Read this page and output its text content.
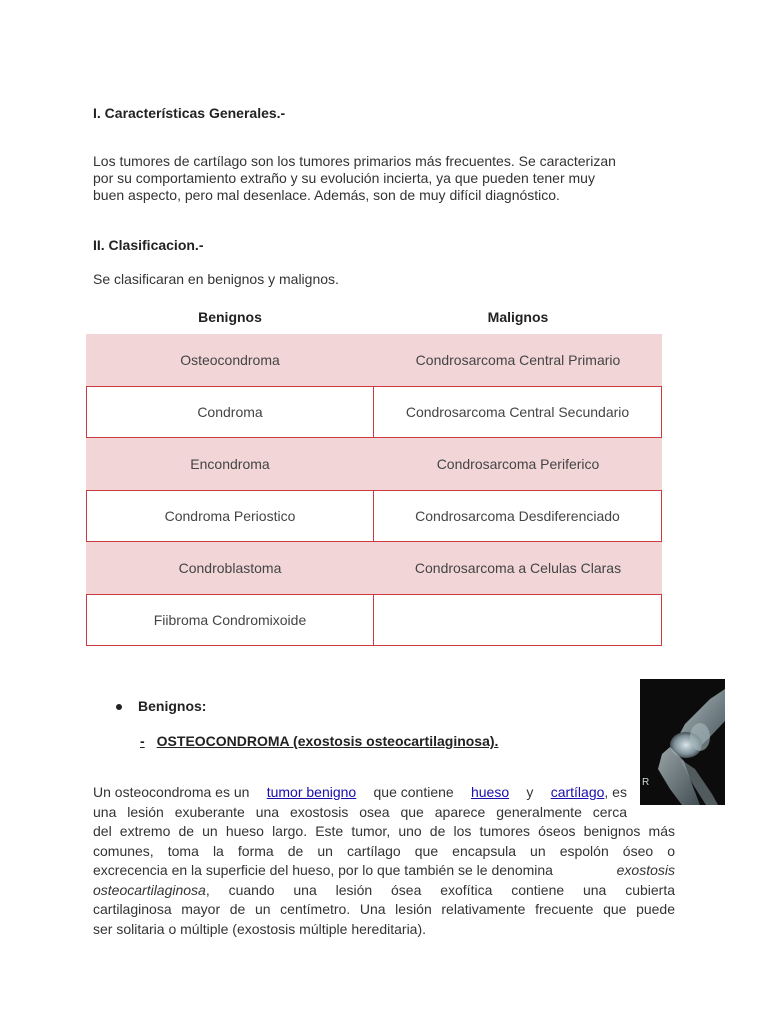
I. Características Generales.-
Los tumores de cartílago son los tumores primarios más frecuentes. Se caracterizan
por su comportamiento extraño y su evolución incierta, ya que pueden tener muy
buen aspecto, pero mal desenlace. Además, son de muy difícil diagnóstico.
II. Clasificacion.-
Se clasificaran en benignos y malignos.
Benignos	Malignos
Osteocondroma	Condrosarcoma Central Primario
Condroma	Condrosarcoma Central Secundario
Encondroma	Condrosarcoma Periferico
Condroma Periostico	Condrosarcoma Desdiferenciado
Condroblastoma	Condrosarcoma a Celulas Claras
Fiibroma Condromixoide
Benignos:
- OSTEOCONDROMA (exostosis osteocartilaginosa).
Un osteocondroma es un tumor benigno que contiene hueso y cartílago, es
una lesión exuberante una exostosis osea que aparece generalmente cerca
del extremo de un hueso largo. Este tumor, uno de los tumores óseos benignos más
comunes, toma la forma de un cartílago que encapsula un espolón óseo o
excrecencia en la superficie del hueso, por lo que también se le denomina	exostosis
osteocartilaginosa , cuando una lesión ósea exofítica contiene una cubierta
cartilaginosa mayor de un centímetro. Una lesión relativamente frecuente que puede
ser solitaria o múltiple (exostosis múltiple hereditaria).
R
